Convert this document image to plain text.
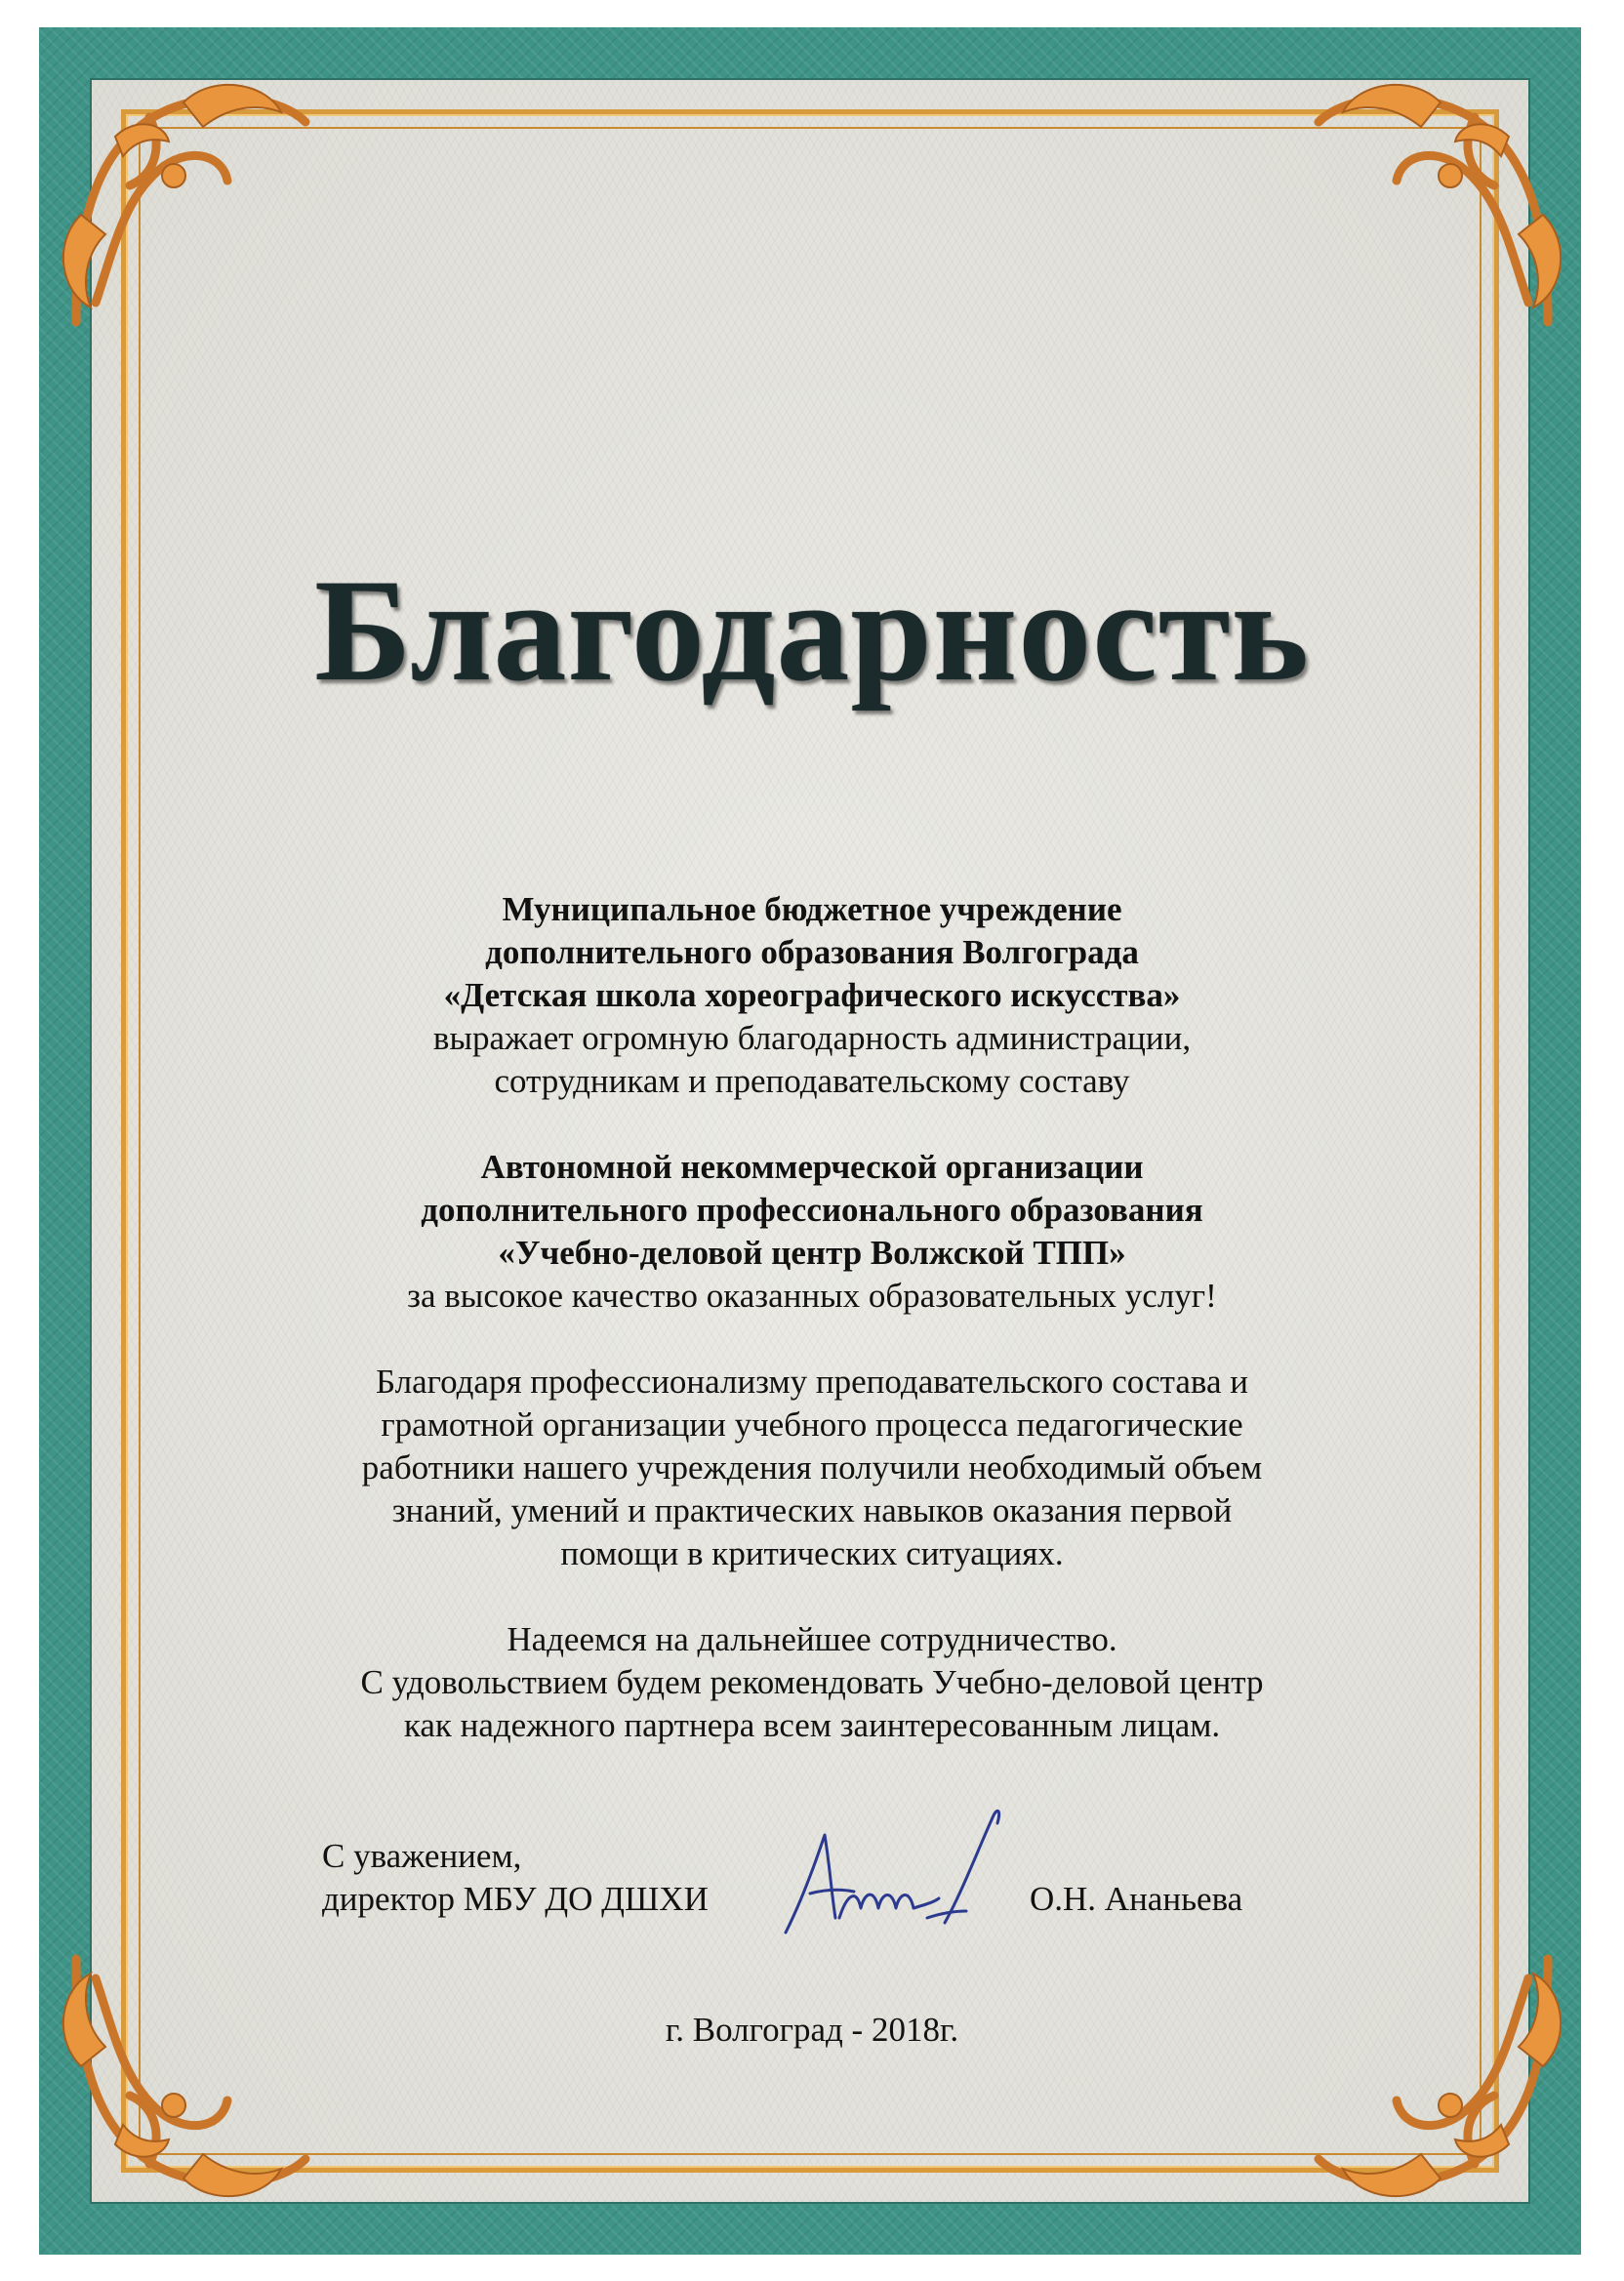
Благодарность
Муниципальное бюджетное учреждение
дополнительного образования Волгограда
«Детская школа хореографического искусства»
выражает огромную благодарность администрации,
сотрудникам и преподавательскому составу
Автономной некоммерческой организации
дополнительного профессионального образования
«Учебно-деловой центр Волжской ТПП»
за высокое качество оказанных образовательных услуг!
Благодаря профессионализму преподавательского состава и
грамотной организации учебного процесса педагогические
работники нашего учреждения получили необходимый объем
знаний, умений и практических навыков оказания первой
помощи в критических ситуациях.
Надеемся на дальнейшее сотрудничество.
С удовольствием будем рекомендовать Учебно-деловой центр
как надежного партнера всем заинтересованным лицам.
С уважением,
директор МБУ ДО ДШХИ	О.Н. Ананьева
г. Волгоград - 2018г.
